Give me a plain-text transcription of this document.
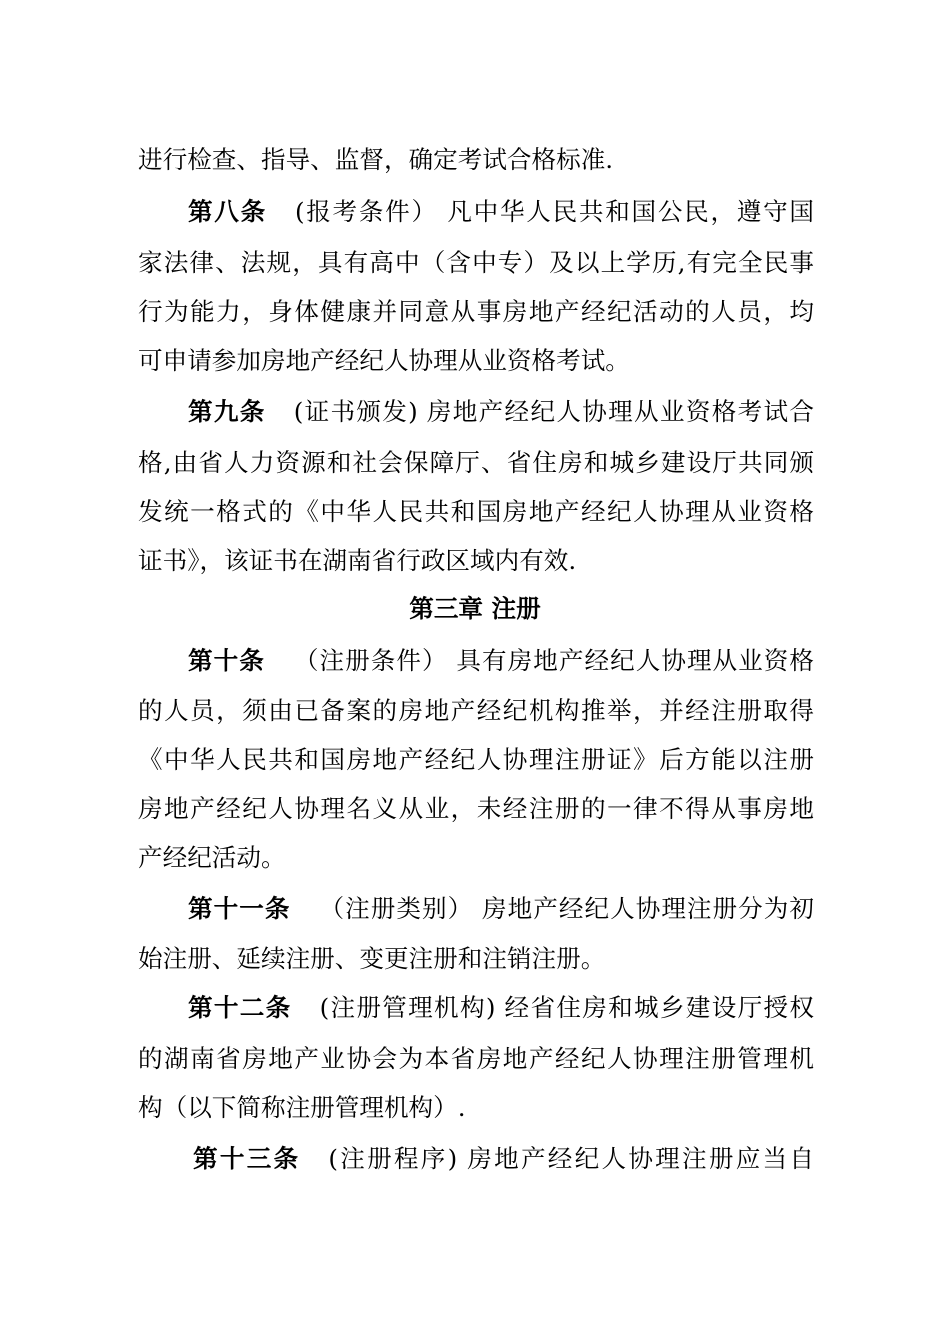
进行检查、指导、监督，确定考试合格标准.
第八条 (报考条件） 凡中华人民共和国公民，遵守国
家法律、法规，具有高中（含中专）及以上学历,有完全民事
行为能力，身体健康并同意从事房地产经纪活动的人员，均
可申请参加房地产经纪人协理从业资格考试。
第九条 (证书颁发) 房地产经纪人协理从业资格考试合
格,由省人力资源和社会保障厅、省住房和城乡建设厅共同颁
发统一格式的《中华人民共和国房地产经纪人协理从业资格
证书》，该证书在湖南省行政区域内有效.
第三章 注册
第十条 （注册条件） 具有房地产经纪人协理从业资格
的人员，须由已备案的房地产经纪机构推举，并经注册取得
《中华人民共和国房地产经纪人协理注册证》后方能以注册
房地产经纪人协理名义从业，未经注册的一律不得从事房地
产经纪活动。
第十一条 （注册类别） 房地产经纪人协理注册分为初
始注册、延续注册、变更注册和注销注册。
第十二条 (注册管理机构) 经省住房和城乡建设厅授权
的湖南省房地产业协会为本省房地产经纪人协理注册管理机
构（以下简称注册管理机构）.
第十三条 (注册程序) 房地产经纪人协理注册应当自
